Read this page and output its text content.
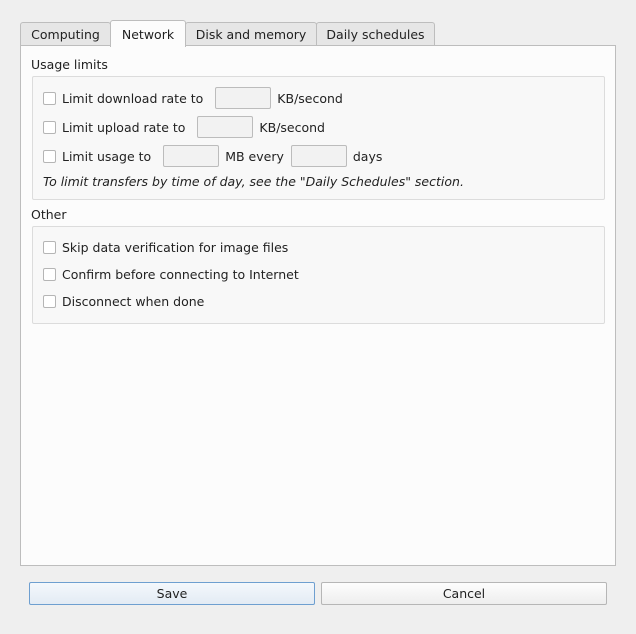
Computing Network Disk and memory Daily schedules
Usage limits
Limit download rate to	KB/second
Limit upload rate to	KB/second
Limit usage to	MB every	days
To limit transfers by time of day, see the "Daily Schedules" section.
Other
Skip data verification for image files
Confirm before connecting to Internet
Disconnect when done
Save	Cancel
